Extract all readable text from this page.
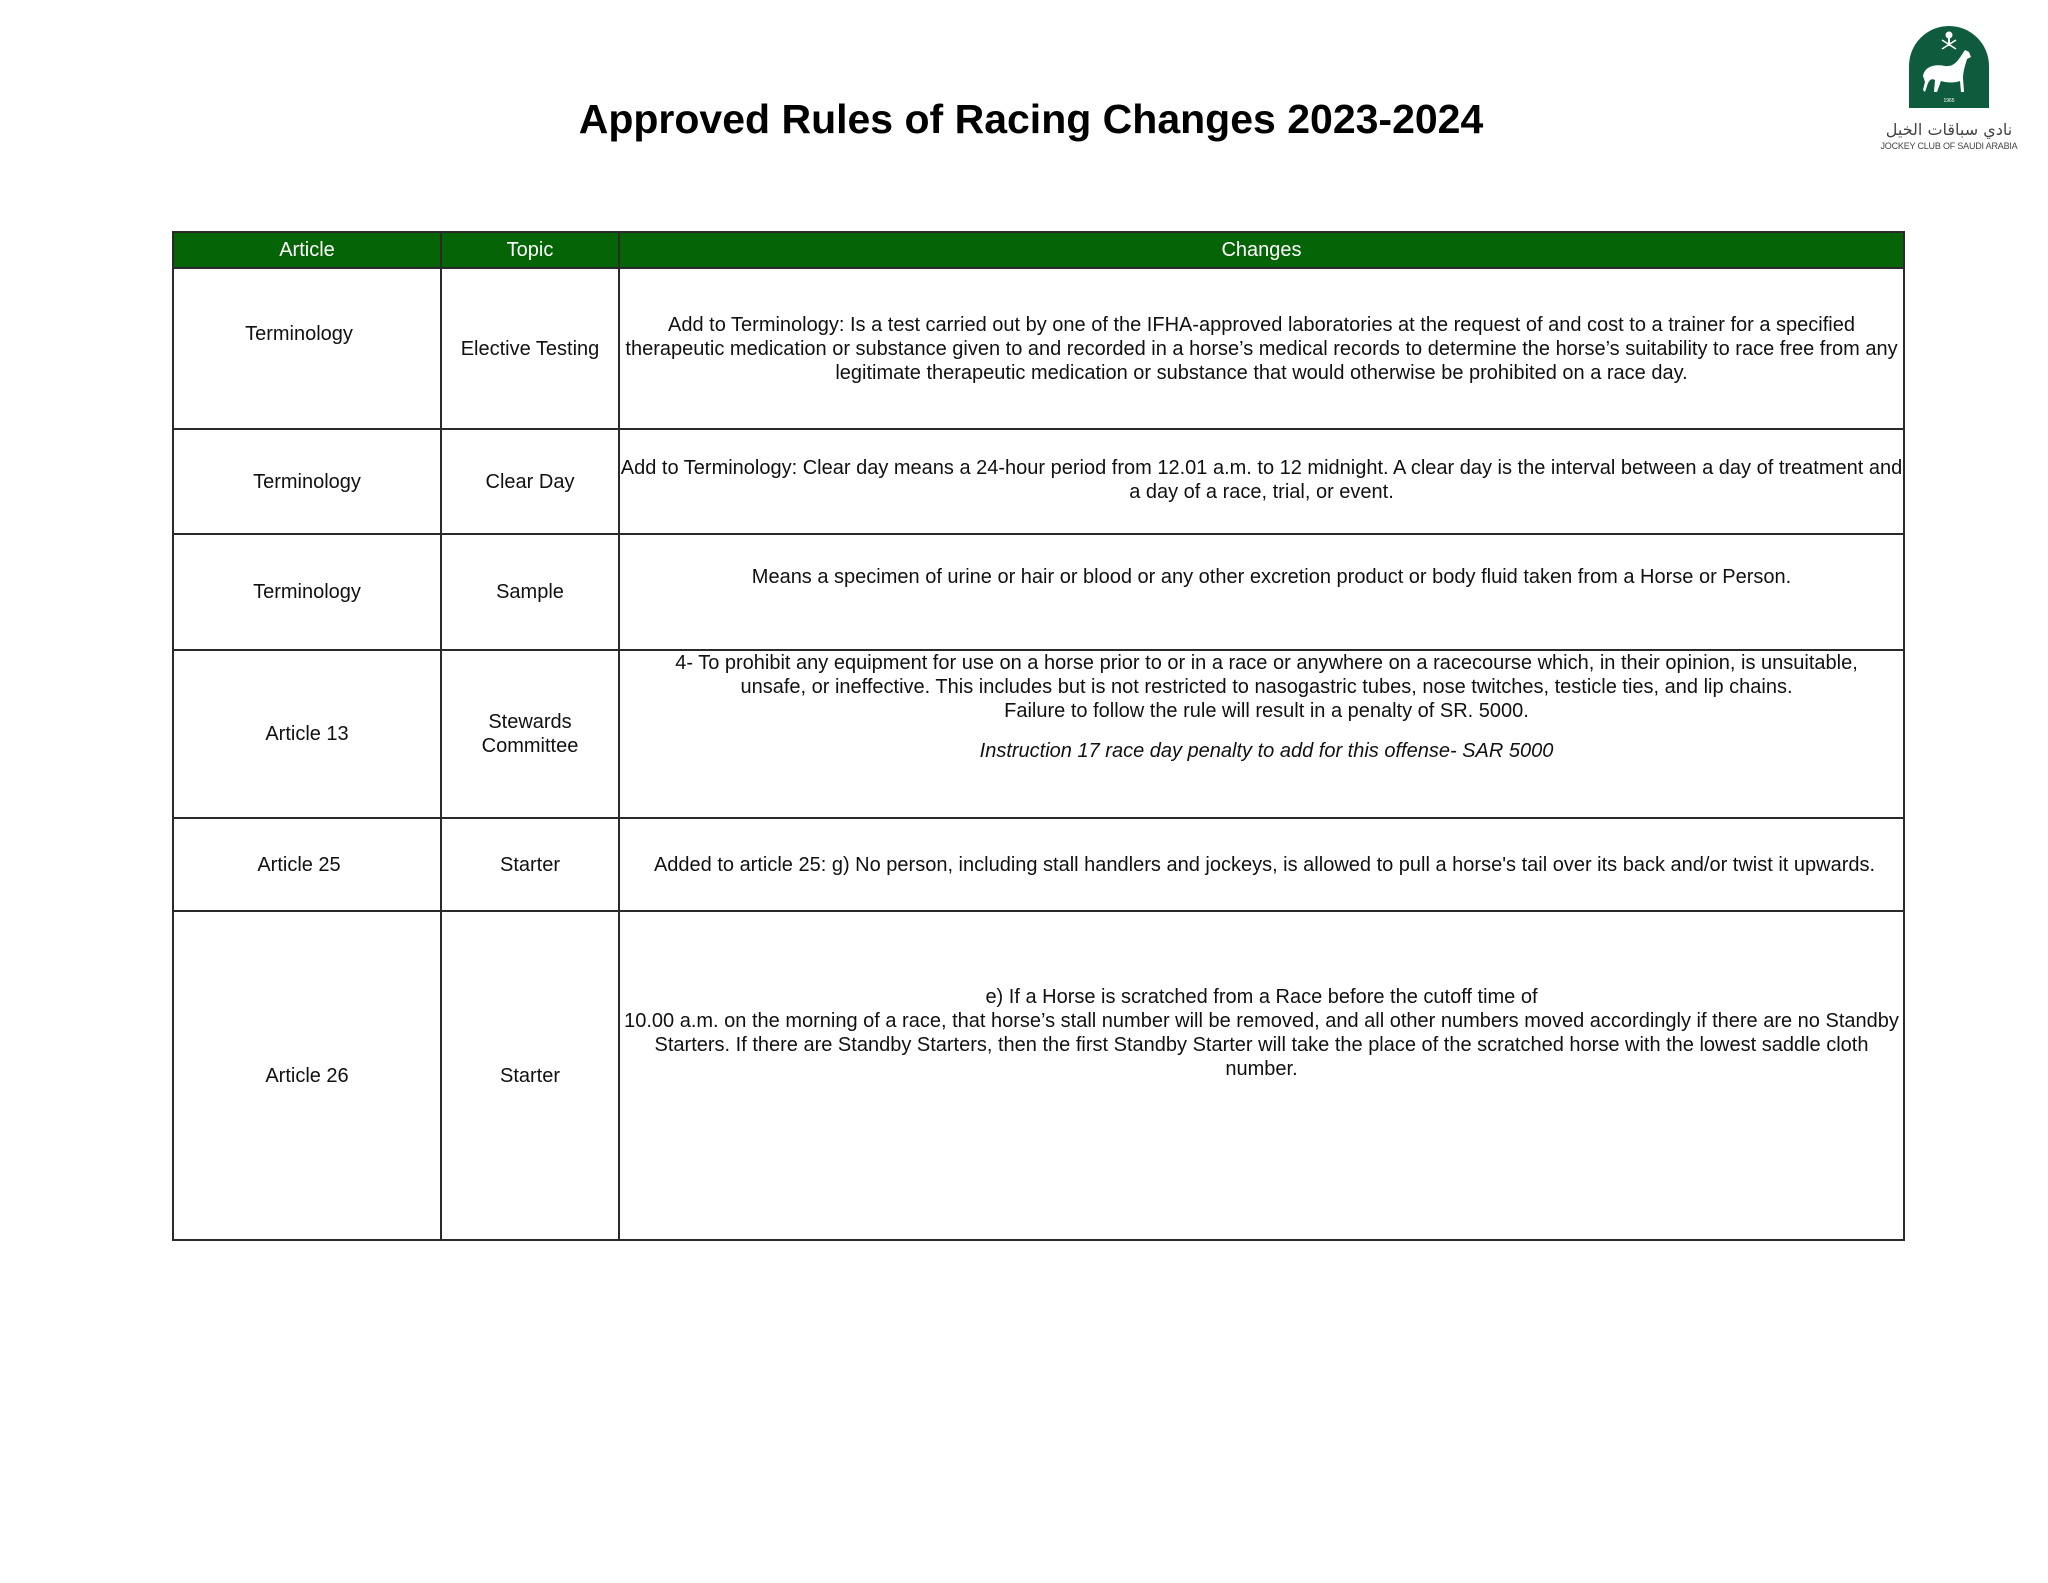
Approved Rules of Racing Changes 2023-2024	1965
نادي سباقات الخيل
JOCKEY CLUB OF SAUDI ARABIA
Article	Topic	Changes
Terminology	Elective Testing	Add to Terminology: Is a test carried out by one of the IFHA-approved laboratories at the request of and cost to a trainer for a specified therapeutic medication or substance given to and recorded in a horse’s medical records to determine the horse’s suitability to race free from any legitimate therapeutic medication or substance that would otherwise be prohibited on a race day.
Terminology	Clear Day	Add to Terminology: Clear day means a 24-hour period from 12.01 a.m. to 12 midnight. A clear day is the interval between a day of treatment and a day of a race, trial, or event.
Terminology	Sample	Means a specimen of urine or hair or blood or any other excretion product or body fluid taken from a Horse or Person.
Article 13	Stewards Committee	4- To prohibit any equipment for use on a horse prior to or in a race or anywhere on a racecourse which, in their opinion, is unsuitable, unsafe, or ineffective. This includes but is not restricted to nasogastric tubes, nose twitches, testicle ties, and lip chains.
Failure to follow the rule will result in a penalty of SR. 5000.
Instruction 17 race day penalty to add for this offense- SAR 5000

Article 25	Starter	Added to article 25: g) No person, including stall handlers and jockeys, is allowed to pull a horse's tail over its back and/or twist it upwards.
Article 26	Starter	e) If a Horse is scratched from a Race before the cutoff time of
10.00 a.m. on the morning of a race, that horse’s stall number will be removed, and all other numbers moved accordingly if there are no Standby Starters. If there are Standby Starters, then the first Standby Starter will take the place of the scratched horse with the lowest saddle cloth number.
